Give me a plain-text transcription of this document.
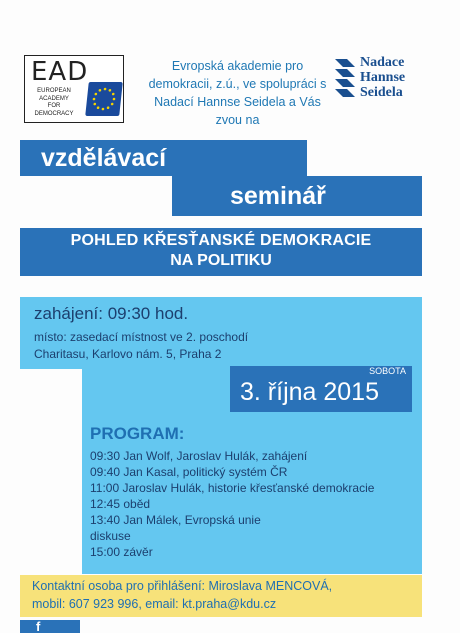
EAD
EUROPEAN
ACADEMY
FOR
DEMOCRACY
Evropská akademie pro demokracii, z.ú., ve spolupráci s Nadací Hannse Seidela a Vás zvou na
Nadace
Hannse
Seidela
vzdělávací
seminář
POHLED KŘESŤANSKÉ DEMOKRACIE
NA POLITIKU
zahájení: 09:30 hod.
místo: zasedací místnost ve 2. poschodí
Charitasu, Karlovo nám. 5, Praha 2
SOBOTA
3. října 2015
PROGRAM:
09:30 Jan Wolf, Jaroslav Hulák, zahájení
09:40 Jan Kasal, politický systém ČR
11:00 Jaroslav Hulák, historie křesťanské demokracie
12:45 oběd
13:40 Jan Málek, Evropská unie
diskuse
15:00 závěr
Kontaktní osoba pro přihlášení: Miroslava MENCOVÁ,
mobil: 607 923 996, email: kt.praha@kdu.cz
f
